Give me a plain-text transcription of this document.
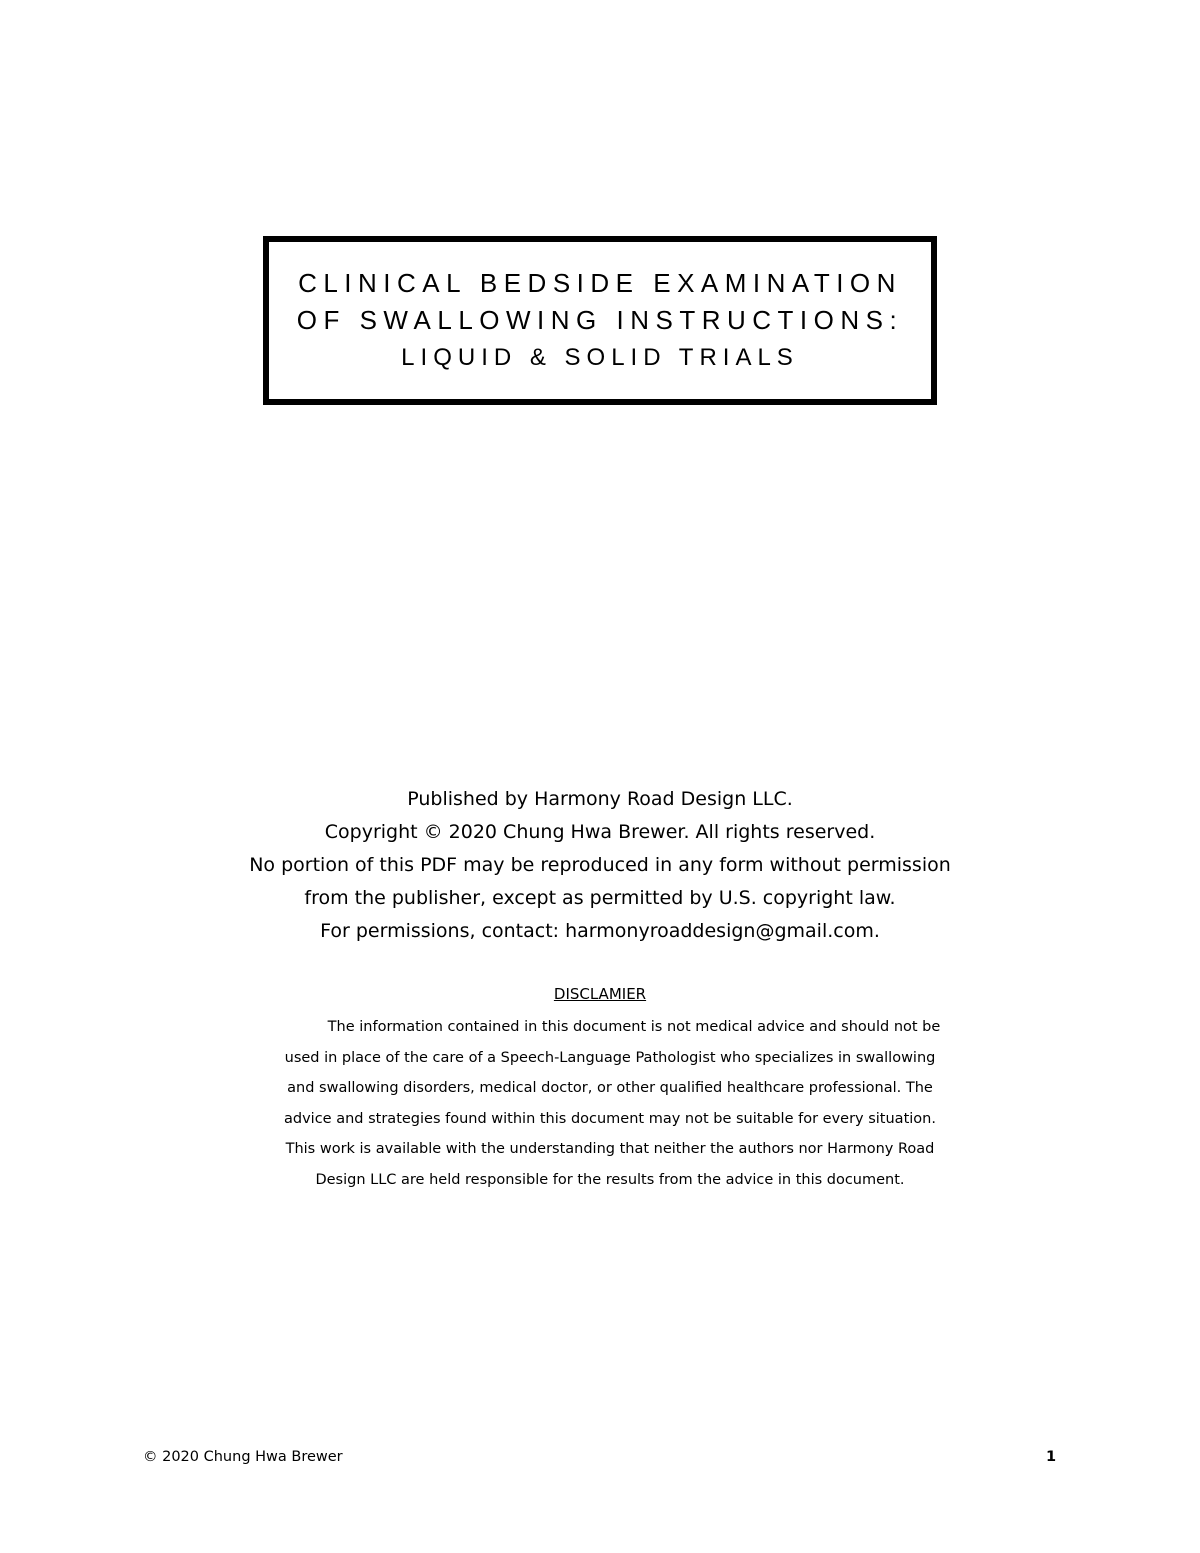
CLINICAL BEDSIDE EXAMINATION
OF SWALLOWING INSTRUCTIONS:
LIQUID & SOLID TRIALS
Published by Harmony Road Design LLC.
Copyright © 2020 Chung Hwa Brewer. All rights reserved.
No portion of this PDF may be reproduced in any form without permission
from the publisher, except as permitted by U.S. copyright law.
For permissions, contact: harmonyroaddesign@gmail.com.
DISCLAMIER
The information contained in this document is not medical advice and should not be
used in place of the care of a Speech-Language Pathologist who specializes in swallowing
and swallowing disorders, medical doctor, or other qualified healthcare professional. The
advice and strategies found within this document may not be suitable for every situation.
This work is available with the understanding that neither the authors nor Harmony Road
Design LLC are held responsible for the results from the advice in this document.
© 2020 Chung Hwa Brewer	1
